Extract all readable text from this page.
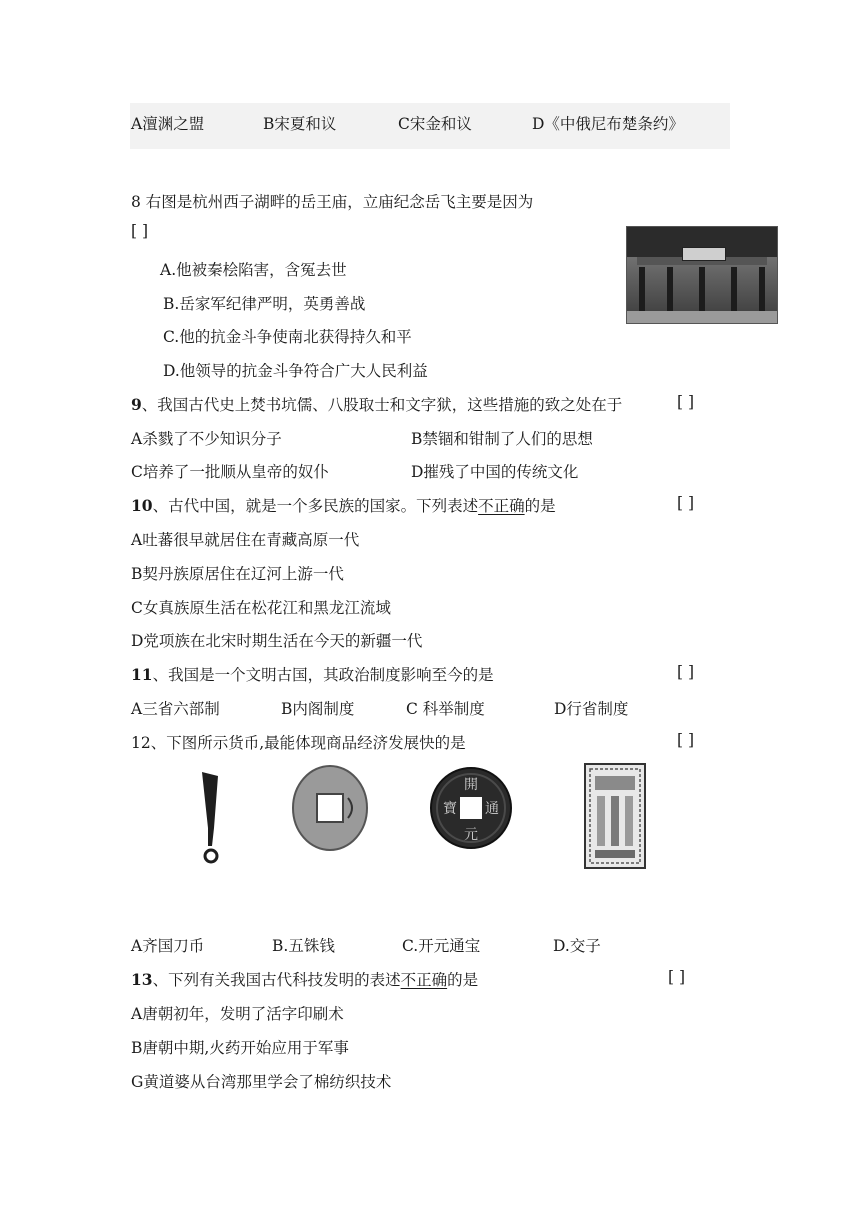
A澶渊之盟	B宋夏和议	C宋金和议	D《中俄尼布楚条约》
8 右图是杭州西子湖畔的岳王庙，立庙纪念岳飞主要是因为
[ ]
A.他被秦桧陷害，含冤去世
B.岳家军纪律严明，英勇善战
C.他的抗金斗争使南北获得持久和平
D.他领导的抗金斗争符合广大人民利益
9、我国古代史上焚书坑儒、八股取士和文字狱，这些措施的致之处在于	[ ]
A杀戮了不少知识分子	B禁锢和钳制了人们的思想
C培养了一批顺从皇帝的奴仆	D摧残了中国的传统文化
10、古代中国，就是一个多民族的国家。下列表述不正确的是	[ ]
A吐蕃很早就居住在青藏高原一代
B契丹族原居住在辽河上游一代
C女真族原生活在松花江和黑龙江流域
D党项族在北宋时期生活在今天的新疆一代
11、我国是一个文明古国，其政治制度影响至今的是	[ ]
A三省六部制	B内阁制度	C 科举制度	D行省制度
12、下图所示货币,最能体现商品经济发展快的是	[ ]
開
元
寶 通
A齐国刀币	B.五铢钱	C.开元通宝	D.交子
13、下列有关我国古代科技发明的表述不正确的是	[ ]
A唐朝初年，发明了活字印刷术
B唐朝中期,火药开始应用于军事
G黄道婆从台湾那里学会了棉纺织技术
